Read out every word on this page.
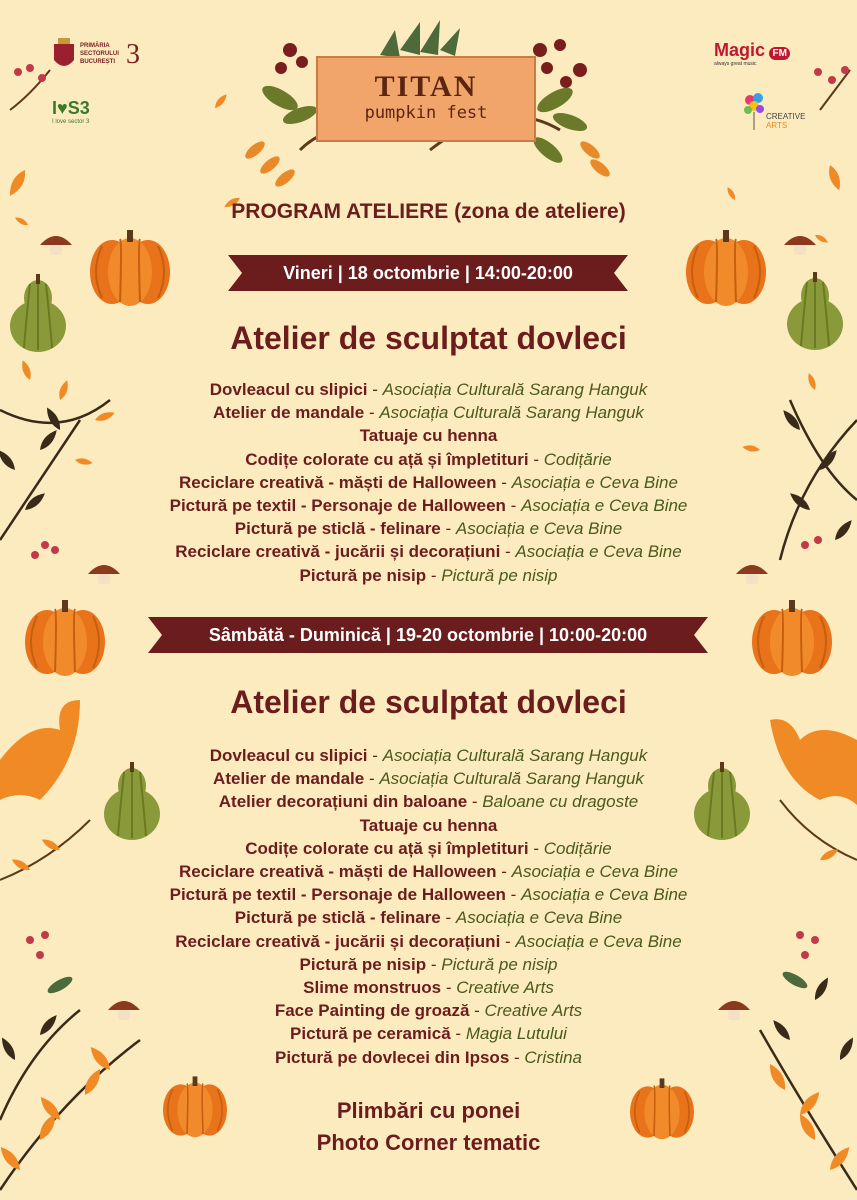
PRIMĂRIA
SECTORULUI
BUCUREȘTI 3
I♥S3
I love sector 3
Magic FM
always great music
CREATIVE
ARTS
TITAN
pumpkin fest
PROGRAM ATELIERE (zona de ateliere)
Vineri | 18 octombrie | 14:00-20:00
Atelier de sculptat dovleci
Dovleacul cu slipici - Asociația Culturală Sarang Hanguk
Atelier de mandale - Asociația Culturală Sarang Hanguk
Tatuaje cu henna
Codițe colorate cu ață și împletituri - Codițărie
Reciclare creativă - măști de Halloween - Asociația e Ceva Bine
Pictură pe textil - Personaje de Halloween - Asociația e Ceva Bine
Pictură pe sticlă - felinare - Asociația e Ceva Bine
Reciclare creativă - jucării și decorațiuni - Asociația e Ceva Bine
Pictură pe nisip - Pictură pe nisip
Sâmbătă - Duminică | 19-20 octombrie | 10:00-20:00
Atelier de sculptat dovleci
Dovleacul cu slipici - Asociația Culturală Sarang Hanguk
Atelier de mandale - Asociația Culturală Sarang Hanguk
Atelier decorațiuni din baloane - Baloane cu dragoste
Tatuaje cu henna
Codițe colorate cu ață și împletituri - Codițărie
Reciclare creativă - măști de Halloween - Asociația e Ceva Bine
Pictură pe textil - Personaje de Halloween - Asociația e Ceva Bine
Pictură pe sticlă - felinare - Asociația e Ceva Bine
Reciclare creativă - jucării și decorațiuni - Asociația e Ceva Bine
Pictură pe nisip - Pictură pe nisip
Slime monstruos - Creative Arts
Face Painting de groază - Creative Arts
Pictură pe ceramică - Magia Lutului
Pictură pe dovlecei din Ipsos - Cristina
Plimbări cu ponei
Photo Corner tematic
